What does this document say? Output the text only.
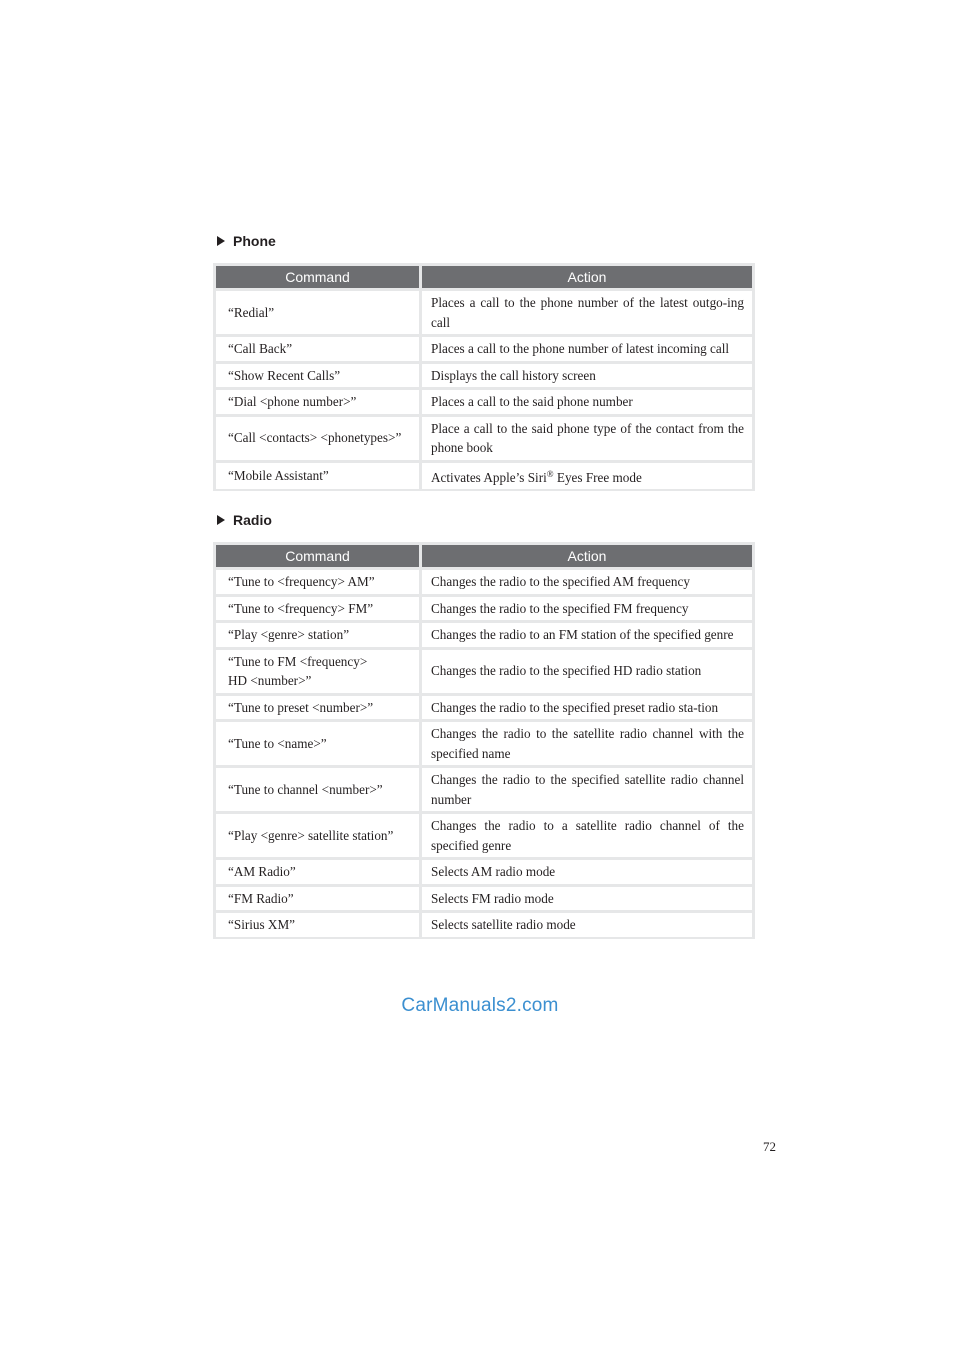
Phone
Command	Action
“Redial”	Places a call to the phone number of the latest outgo-ing call
“Call Back”	Places a call to the phone number of latest incoming call
“Show Recent Calls”	Displays the call history screen
“Dial <phone number>”	Places a call to the said phone number
“Call <contacts> <phonetypes>”	Place a call to the said phone type of the contact from the phone book
“Mobile Assistant”	Activates Apple’s Siri® Eyes Free mode
Radio
Command	Action
“Tune to <frequency> AM”	Changes the radio to the specified AM frequency
“Tune to <frequency> FM”	Changes the radio to the specified FM frequency
“Play <genre> station”	Changes the radio to an FM station of the specified genre
“Tune to FM <frequency>
HD <number>”	Changes the radio to the specified HD radio station
“Tune to preset <number>”	Changes the radio to the specified preset radio sta-tion
“Tune to <name>”	Changes the radio to the satellite radio channel with the specified name
“Tune to channel <number>”	Changes the radio to the specified satellite radio channel number
“Play <genre> satellite station”	Changes the radio to a satellite radio channel of the specified genre
“AM Radio”	Selects AM radio mode
“FM Radio”	Selects FM radio mode
“Sirius XM”	Selects satellite radio mode
CarManuals2.com
72
